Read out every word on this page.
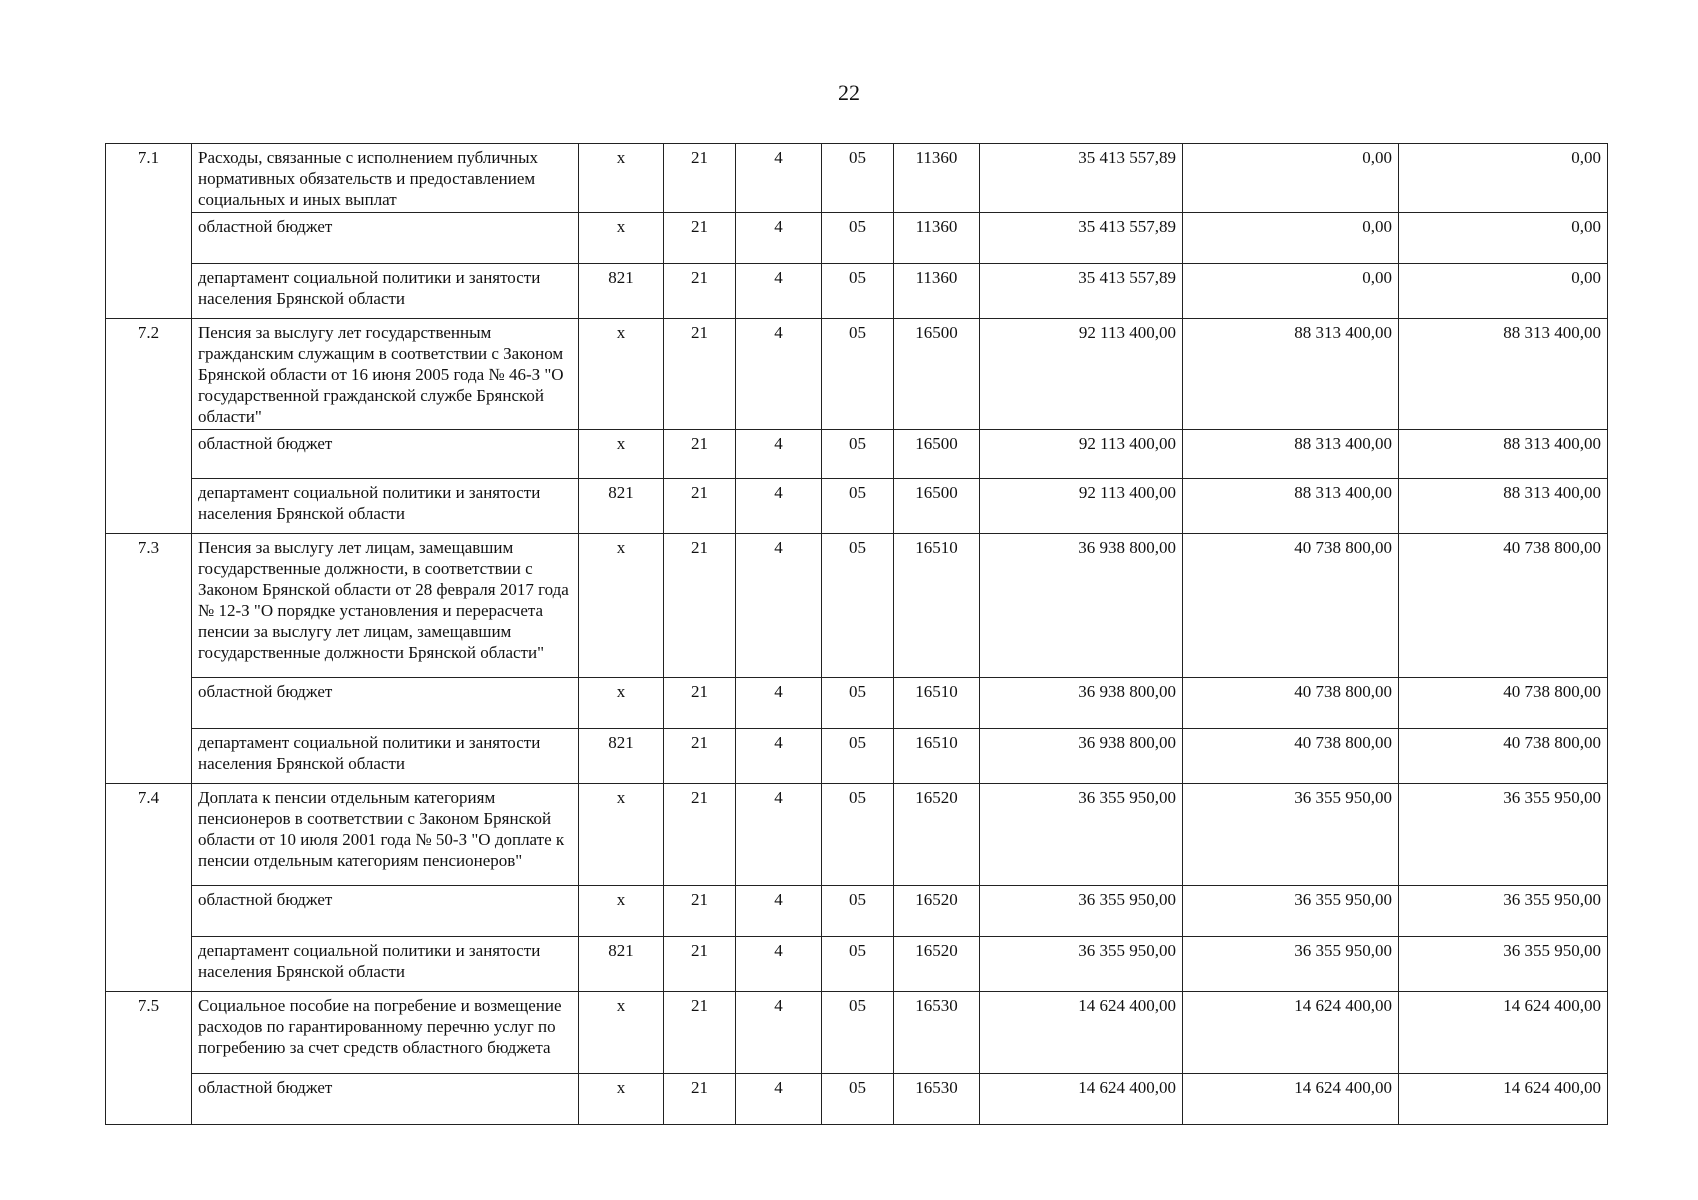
22
7.1	Расходы, связанные с исполнением публичных нормативных обязательств и предоставлением социальных и иных выплат	х	21	4	05	11360	35 413 557,89	0,00	0,00
	областной бюджет	х	21	4	05	11360	35 413 557,89	0,00	0,00
	департамент социальной политики и занятости населения Брянской области	821	21	4	05	11360	35 413 557,89	0,00	0,00
7.2	Пенсия за выслугу лет государственным гражданским служащим в соответствии с Законом Брянской области от 16 июня 2005 года № 46-З "О государственной гражданской службе Брянской области"	х	21	4	05	16500	92 113 400,00	88 313 400,00	88 313 400,00
	областной бюджет	х	21	4	05	16500	92 113 400,00	88 313 400,00	88 313 400,00
	департамент социальной политики и занятости населения Брянской области	821	21	4	05	16500	92 113 400,00	88 313 400,00	88 313 400,00
7.3	Пенсия за выслугу лет лицам, замещавшим государственные должности, в соответствии с Законом Брянской области от 28 февраля 2017 года № 12-З "О порядке установления и перерасчета пенсии за выслугу лет лицам, замещавшим государственные должности Брянской области"	х	21	4	05	16510	36 938 800,00	40 738 800,00	40 738 800,00
	областной бюджет	х	21	4	05	16510	36 938 800,00	40 738 800,00	40 738 800,00
	департамент социальной политики и занятости населения Брянской области	821	21	4	05	16510	36 938 800,00	40 738 800,00	40 738 800,00
7.4	Доплата к пенсии отдельным категориям пенсионеров в соответствии с Законом Брянской области от 10 июля 2001 года № 50-З "О доплате к пенсии отдельным категориям пенсионеров"	х	21	4	05	16520	36 355 950,00	36 355 950,00	36 355 950,00
	областной бюджет	х	21	4	05	16520	36 355 950,00	36 355 950,00	36 355 950,00
	департамент социальной политики и занятости населения Брянской области	821	21	4	05	16520	36 355 950,00	36 355 950,00	36 355 950,00
7.5	Социальное пособие на погребение и возмещение расходов по гарантированному перечню услуг по погребению за счет средств областного бюджета	х	21	4	05	16530	14 624 400,00	14 624 400,00	14 624 400,00
	областной бюджет	х	21	4	05	16530	14 624 400,00	14 624 400,00	14 624 400,00
